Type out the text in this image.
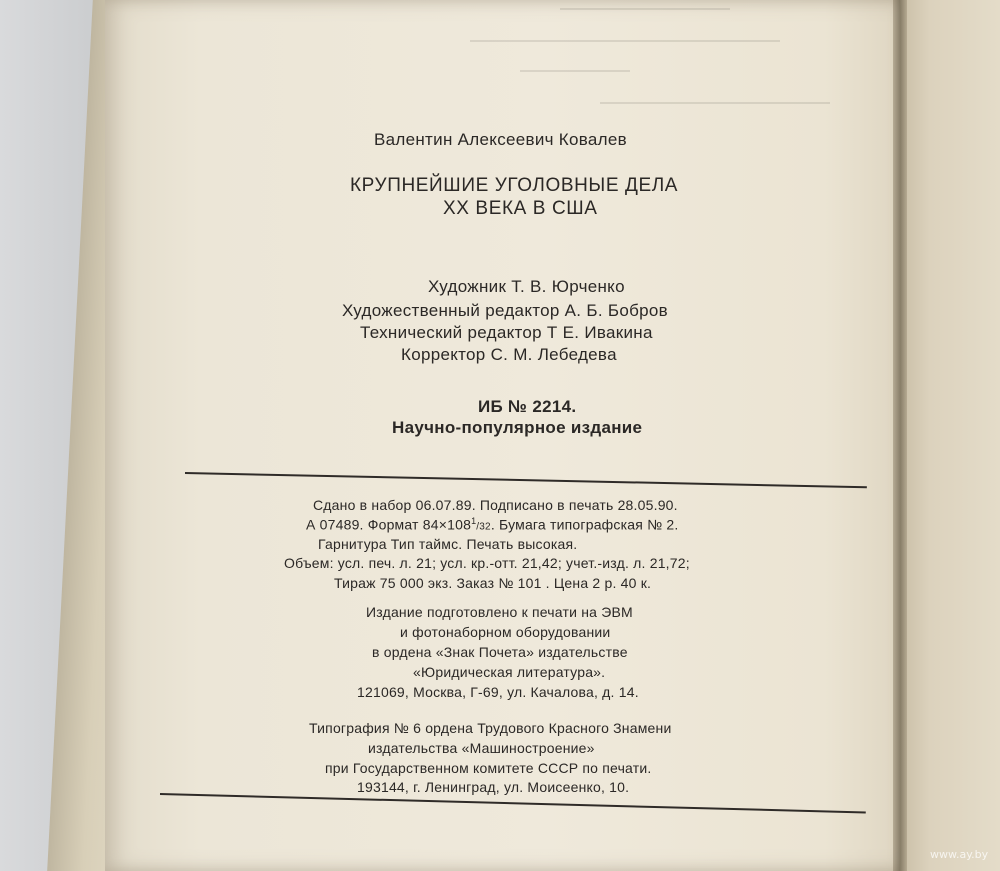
Валентин Алексеевич Ковалев
КРУПНЕЙШИЕ УГОЛОВНЫЕ ДЕЛА
XX ВЕКА В США
Художник Т. В. Юрченко
Художественный редактор А. Б. Бобров
Технический редактор Т Е. Ивакина
Корректор С. М. Лебедева
ИБ № 2214.
Научно-популярное издание
Сдано в набор 06.07.89. Подписано в печать 28.05.90.
А 07489. Формат $84\times 108^1/32$. Бумага типографская № 2.
Гарнитура Тип таймс. Печать высокая.
Объем: усл. печ. л. 21; усл. кр.-отт. 21,42; учет.-изд. л. 21,72;
Тираж 75 000 экз. Заказ № 101 . Цена 2 р. 40 к.
Издание подготовлено к печати на ЭВМ
и фотонаборном оборудовании
в ордена «Знак Почета» издательстве
«Юридическая литература».
121069, Москва, Г-69, ул. Качалова, д. 14.
Типография № 6 ордена Трудового Красного Знамени
издательства «Машиностроение»
при Государственном комитете СССР по печати.
193144, г. Ленинград, ул. Моисеенко, 10.
www.ay.by
